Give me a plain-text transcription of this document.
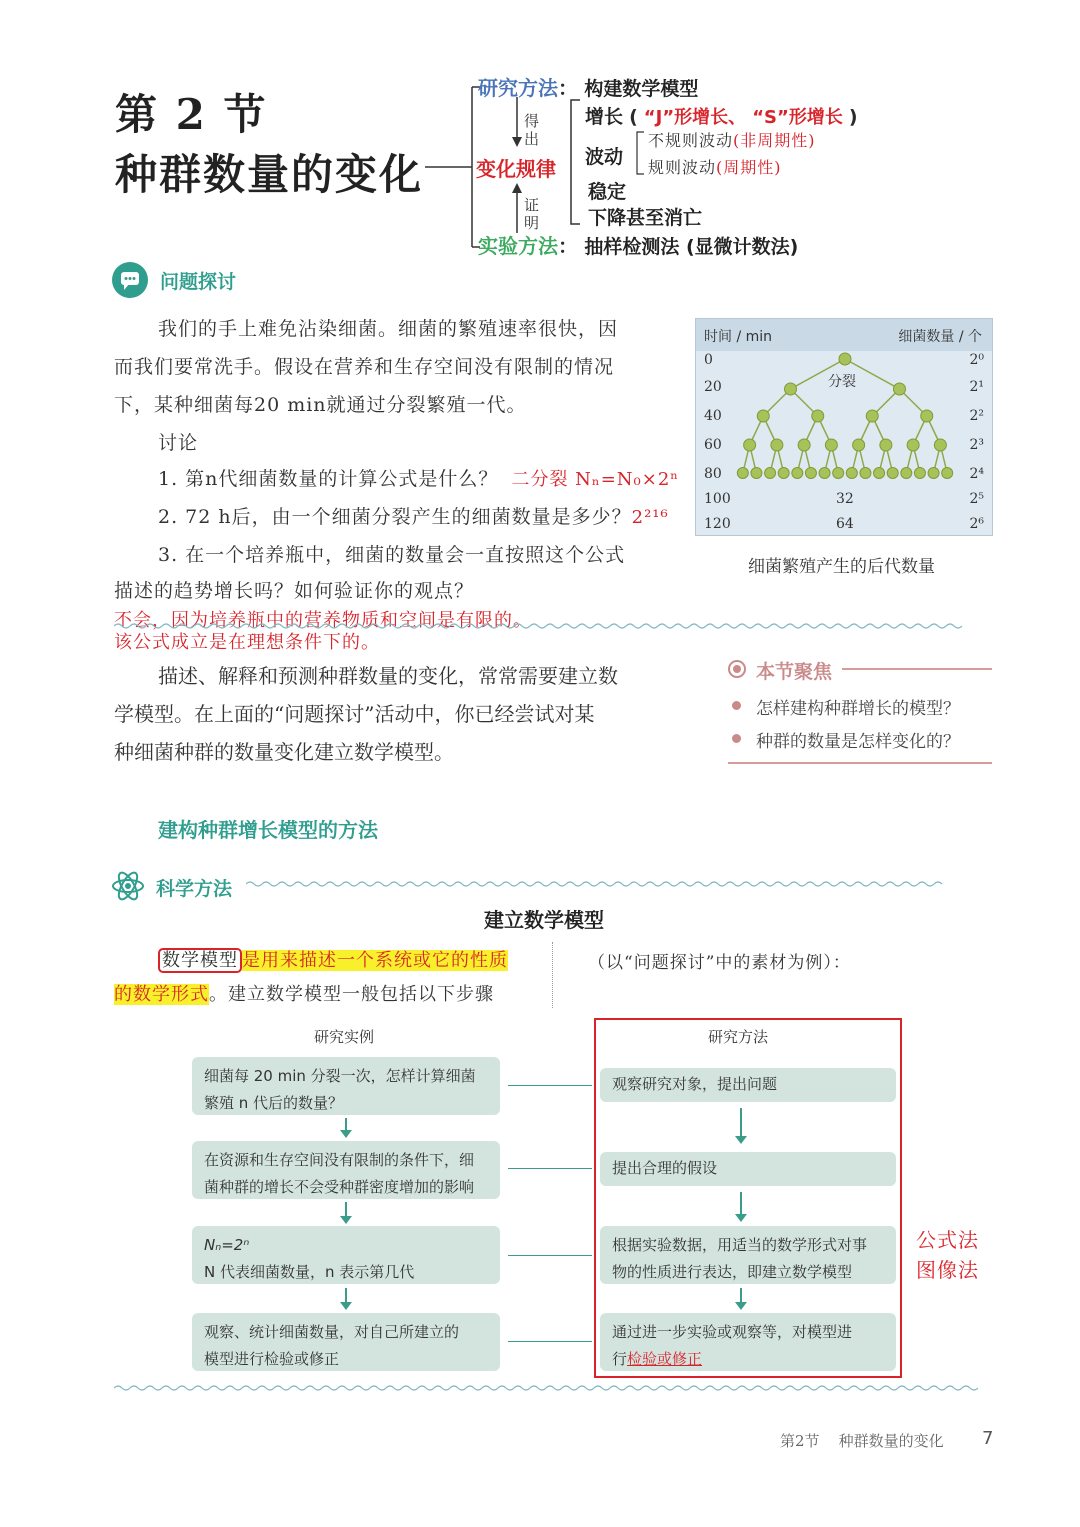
第 2 节
种群数量的变化
研究方法： 构建数学模型
得出
证明
变化规律
增长 ( “J”形增长、 “S”形增长 )
波动
不规则波动(非周期性)
规则波动(周期性)
稳定
下降甚至消亡
实验方法： 抽样检测法 (显微计数法)
问题探讨
我们的手上难免沾染细菌。细菌的繁殖速率很快，因
而我们要常洗手。假设在营养和生存空间没有限制的情况
下，某种细菌每20 min就通过分裂繁殖一代。
讨论
1. 第n代细菌数量的计算公式是什么？ 二分裂 Nₙ=N₀×2ⁿ
2. 72 h后，由一个细菌分裂产生的细菌数量是多少？2²¹⁶
3. 在一个培养瓶中，细菌的数量会一直按照这个公式
描述的趋势增长吗？如何验证你的观点？
不会，因为培养瓶中的营养物质和空间是有限的。
该公式成立是在理想条件下的。
时间 / min	细菌数量 / 个
0
20
40
60
80
100
120
2⁰
2¹
2²
2³
2⁴
2⁵
2⁶
32
64
分裂
细菌繁殖产生的后代数量
描述、解释和预测种群数量的变化，常常需要建立数
学模型。在上面的“问题探讨”活动中，你已经尝试对某
种细菌种群的数量变化建立数学模型。
本节聚焦
怎样建构种群增长的模型？
种群的数量是怎样变化的？
建构种群增长模型的方法
科学方法
建立数学模型
数学模型 是用来描述一个系统或它的性质
的数学形式。建立数学模型一般包括以下步骤
（以“问题探讨”中的素材为例）：
研究实例	研究方法
细菌每 20 min 分裂一次，怎样计算细菌
繁殖 n 代后的数量？
在资源和生存空间没有限制的条件下，细
菌种群的增长不会受种群密度增加的影响
Nₙ=2ⁿ
N 代表细菌数量，n 表示第几代
观察、统计细菌数量，对自己所建立的
模型进行检验或修正
观察研究对象，提出问题
提出合理的假设
根据实验数据，用适当的数学形式对事
物的性质进行表达，即建立数学模型
通过进一步实验或观察等，对模型进
行检验或修正
公式法
图像法
第2节    种群数量的变化 7
